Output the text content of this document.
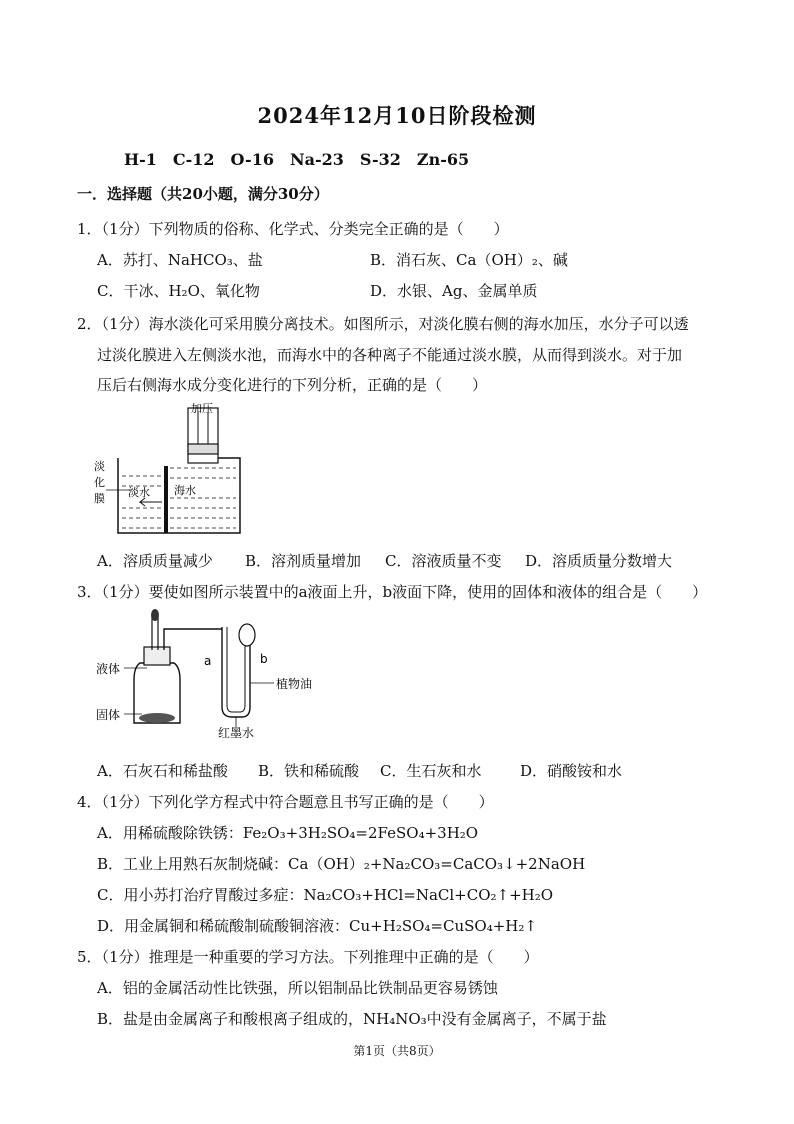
2024年12月10日阶段检测
H-1　C-12　O-16　Na-23　S-32　Zn-65
一．选择题（共20小题，满分30分）
1．（1分）下列物质的俗称、化学式、分类完全正确的是（　　）
A．苏打、NaHCO₃、盐	B．消石灰、Ca（OH）₂、碱
C．干冰、H₂O、氧化物	D．水银、Ag、金属单质
2．（1分）海水淡化可采用膜分离技术。如图所示，对淡化膜右侧的海水加压，水分子可以透
过淡化膜进入左侧淡水池，而海水中的各种离子不能通过淡水膜，从而得到淡水。对于加
压后右侧海水成分变化进行的下列分析，正确的是（　　）
加压
淡水 海水
淡
化
膜
A．溶质质量减少 B．溶剂质量增加 C．溶液质量不变 D．溶质质量分数增大
3．（1分）要使如图所示装置中的a液面上升，b液面下降，使用的固体和液体的组合是（　　）
液体
固体
a	b
植物油
红墨水
A．石灰石和稀盐酸 B．铁和稀硫酸 C．生石灰和水	D．硝酸铵和水
4．（1分）下列化学方程式中符合题意且书写正确的是（　　）
A．用稀硫酸除铁锈：Fe₂O₃+3H₂SO₄=2FeSO₄+3H₂O
B．工业上用熟石灰制烧碱：Ca（OH）₂+Na₂CO₃=CaCO₃↓+2NaOH
C．用小苏打治疗胃酸过多症：Na₂CO₃+HCl=NaCl+CO₂↑+H₂O
D．用金属铜和稀硫酸制硫酸铜溶液：Cu+H₂SO₄=CuSO₄+H₂↑
5．（1分）推理是一种重要的学习方法。下列推理中正确的是（　　）
A．铝的金属活动性比铁强，所以铝制品比铁制品更容易锈蚀
B．盐是由金属离子和酸根离子组成的，NH₄NO₃中没有金属离子，不属于盐
第1页（共8页）
